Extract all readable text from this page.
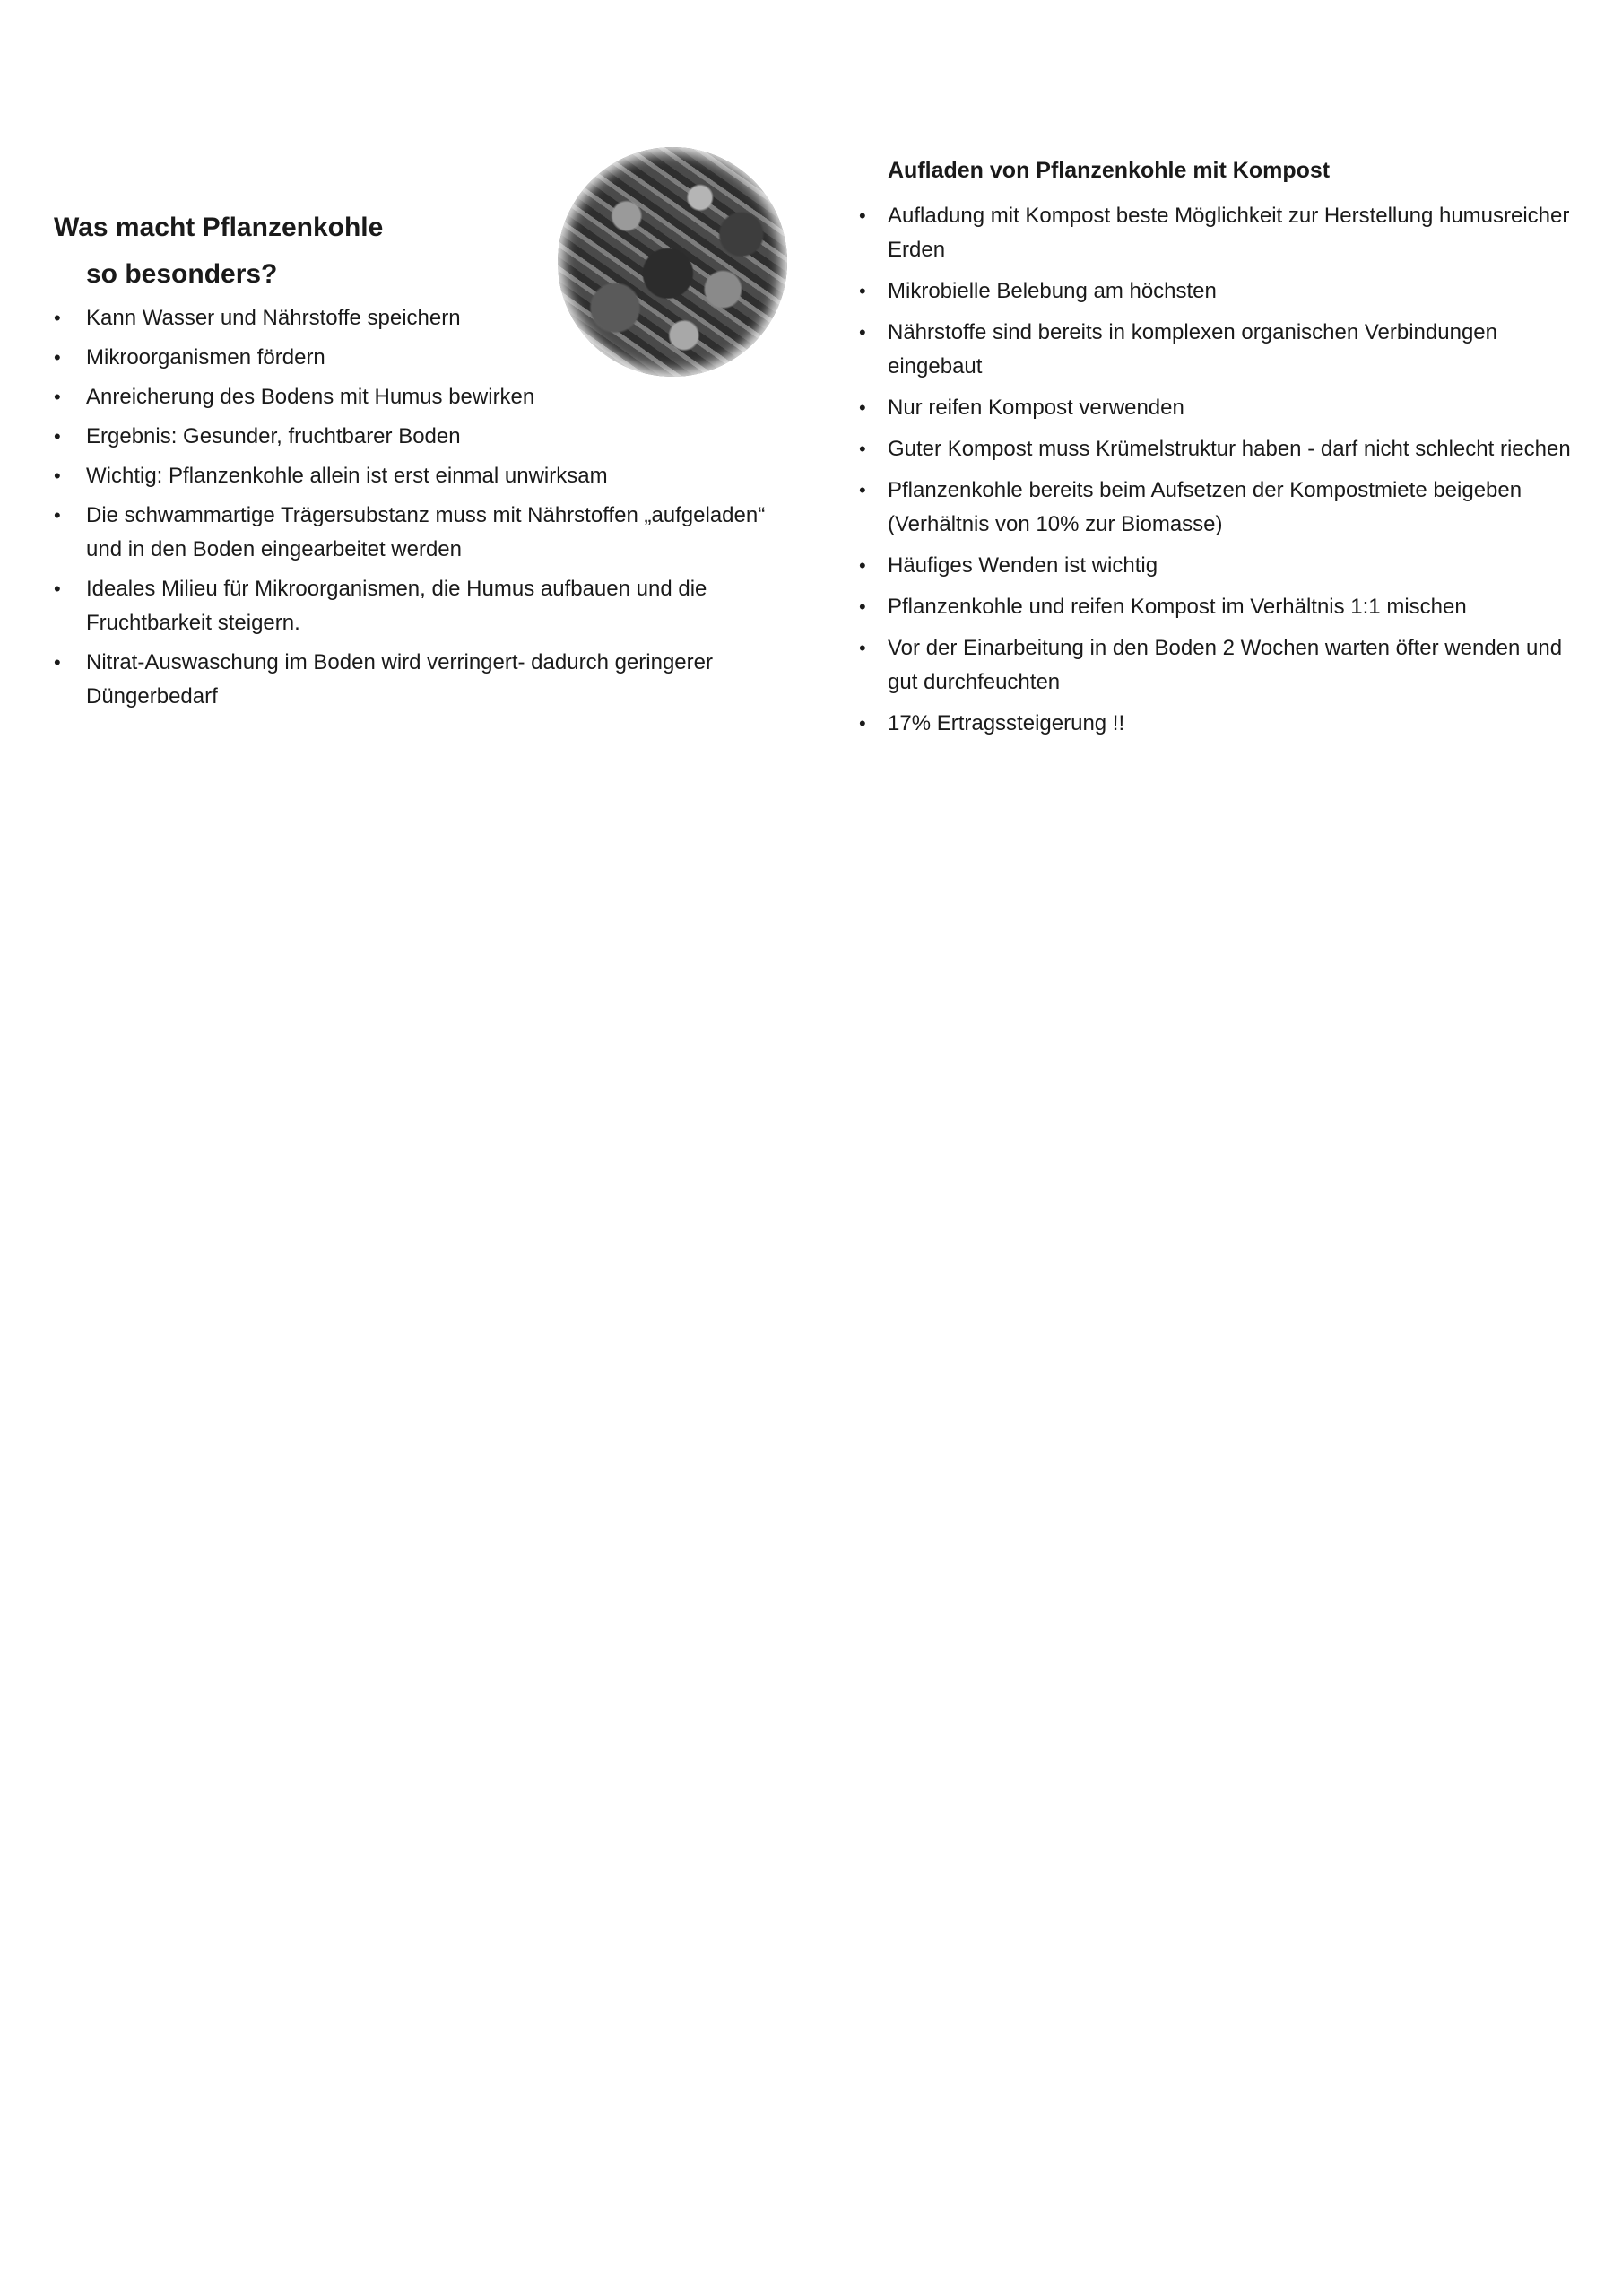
Was macht Pflanzenkohle

so besonders?

• Kann Wasser und Nährstoffe speichern
• Mikroorganismen fördern
• Anreicherung des Bodens mit Humus bewirken
• Ergebnis: Gesunder, fruchtbarer Boden
• Wichtig: Pflanzenkohle allein ist erst einmal unwirksam
• Die schwammartige Trägersubstanz muss mit Nährstoffen „aufgeladen“ und in den Boden eingearbeitet werden
• Ideales Milieu für Mikroorganismen, die Humus aufbauen und die Fruchtbarkeit steigern.
• Nitrat-Auswaschung im Boden wird verringert- dadurch geringerer Düngerbedarf

Aufladen von Pflanzenkohle mit Kompost

• Aufladung mit Kompost beste Möglichkeit zur Herstellung humusreicher Erden
• Mikrobielle Belebung am höchsten
• Nährstoffe sind bereits in komplexen organischen Verbindungen eingebaut
• Nur reifen Kompost verwenden
• Guter Kompost muss Krümelstruktur haben - darf nicht schlecht riechen
• Pflanzenkohle bereits beim Aufsetzen der Kompostmiete beigeben (Verhältnis von 10% zur Biomasse)
• Häufiges Wenden ist wichtig
• Pflanzenkohle und reifen Kompost im Verhältnis 1:1 mischen
• Vor der Einarbeitung in den Boden 2 Wochen warten öfter wenden und gut durchfeuchten
• 17% Ertragssteigerung !!
